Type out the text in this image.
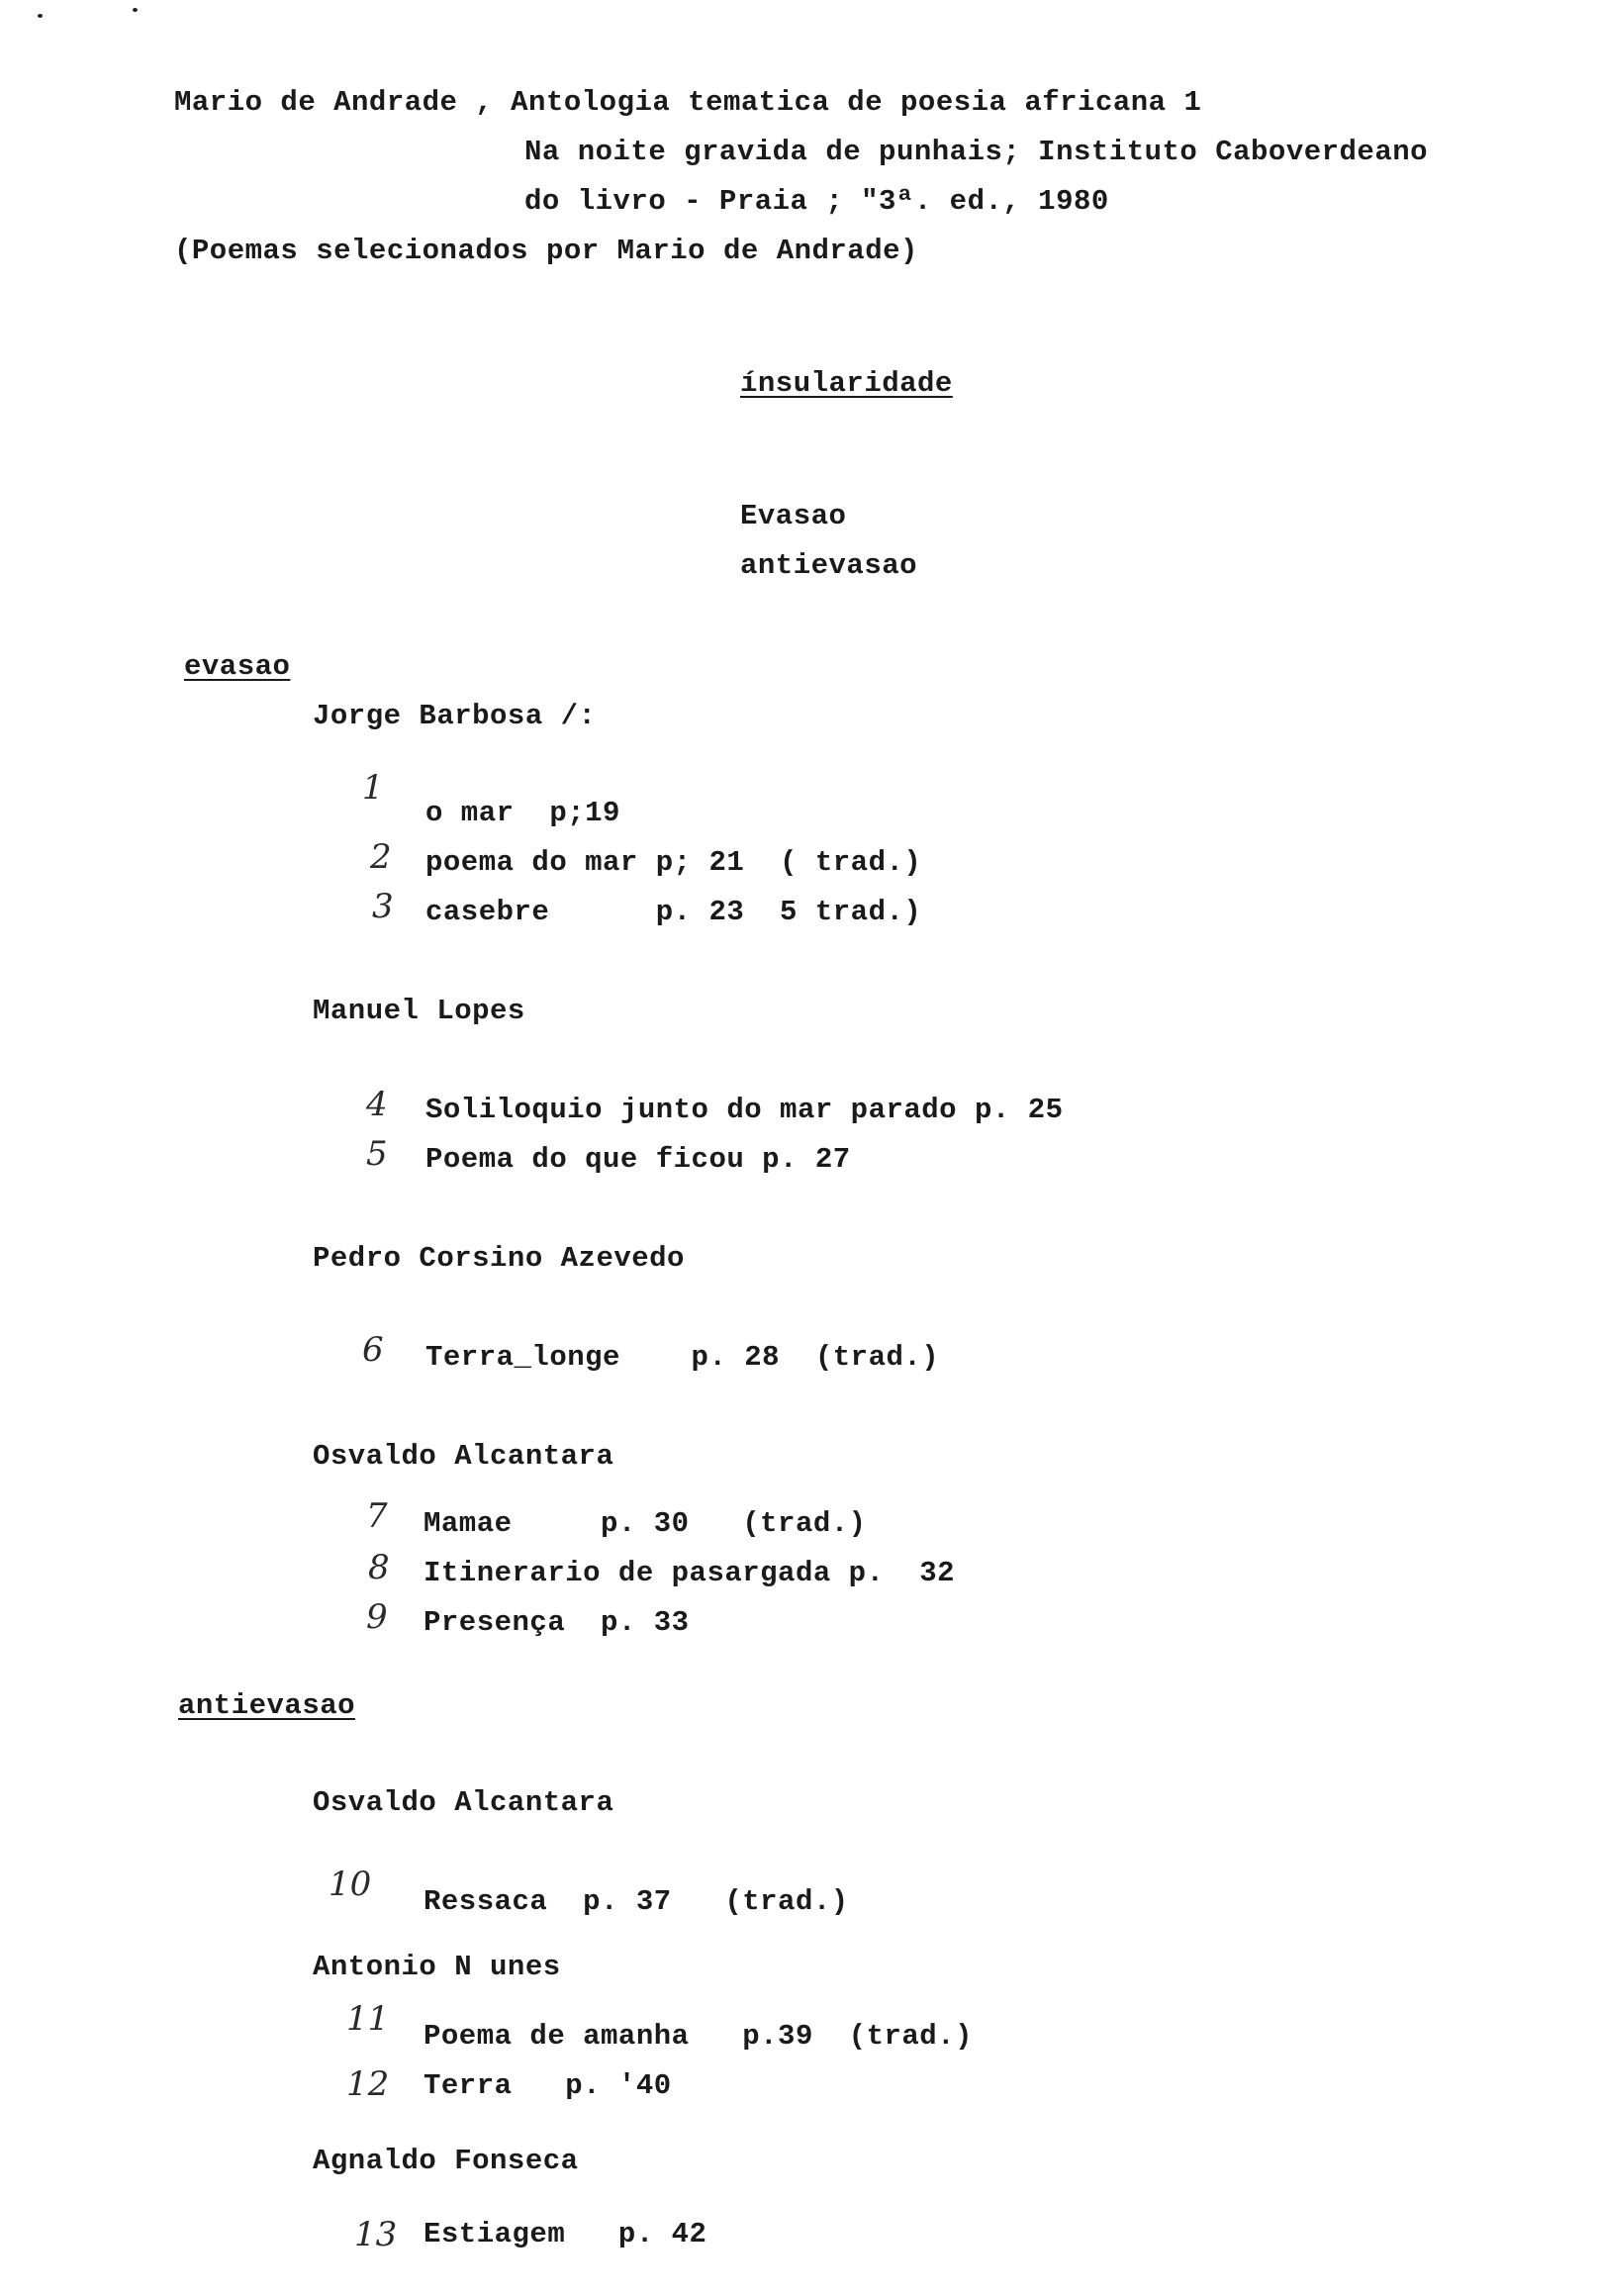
Mario de Andrade , Antologia tematica de poesia africana 1
Na noite gravida de punhais; Instituto Caboverdeano
do livro - Praia ; "3ª. ed., 1980
(Poemas selecionados por Mario de Andrade)
ínsularidade
Evasao
antievasao
evasao
Jorge Barbosa /:
1
o mar  p;19
2 poema do mar p; 21  ( trad.)
3 casebre      p. 23  5 trad.)
Manuel Lopes
4 Soliloquio junto do mar parado p. 25
5 Poema do que ficou p. 27
Pedro Corsino Azevedo
6 Terra_longe    p. 28  (trad.)
Osvaldo Alcantara
7 Mamae     p. 30   (trad.)
8 Itinerario de pasargada p.  32
9 Presença  p. 33
antievasao
Osvaldo Alcantara
10 Ressaca  p. 37   (trad.)
Antonio N unes
11 Poema de amanha   p.39  (trad.)
12 Terra   p. '40
Agnaldo Fonseca
13 Estiagem   p. 42
